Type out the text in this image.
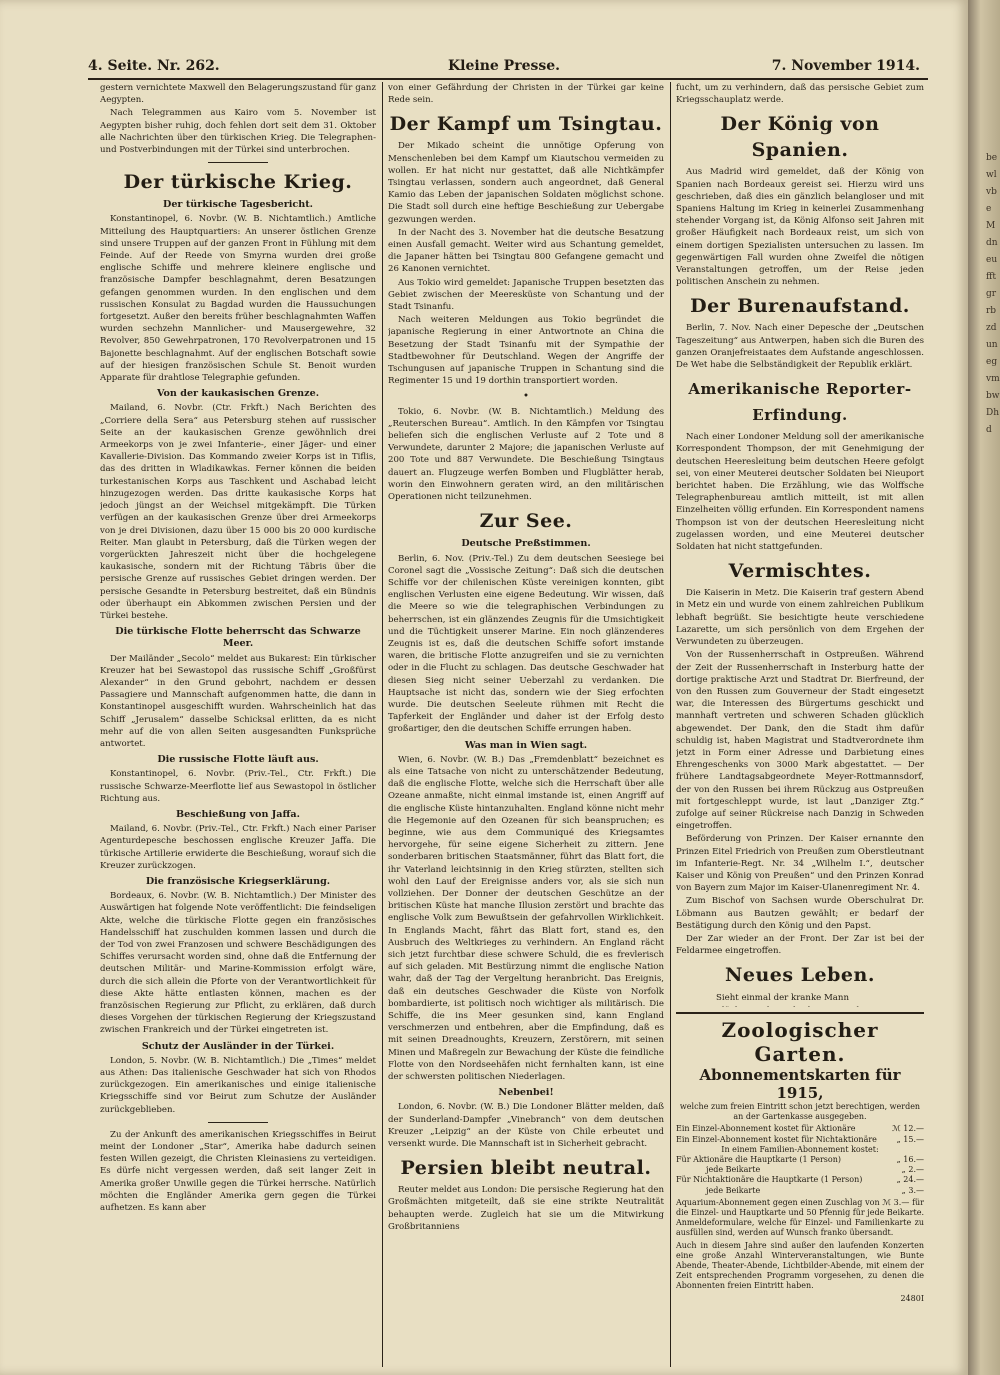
4. Seite. Nr. 262.	Kleine Presse.	7. November 1914.

gestern vernichtete Maxwell den Belagerungszustand für ganz Aegypten.

Nach Telegrammen aus Kairo vom 5. November ist Aegypten bisher ruhig, doch fehlen dort seit dem 31. Oktober alle Nachrichten über den türkischen Krieg. Die Telegraphen- und Postverbindungen mit der Türkei sind unterbrochen.

Der türkische Krieg.
Der türkische Tagesbericht.

Konstantinopel, 6. Novbr. (W. B. Nichtamtlich.) Amtliche Mitteilung des Hauptquartiers: An unserer östlichen Grenze sind unsere Truppen auf der ganzen Front in Fühlung mit dem Feinde. Auf der Reede von Smyrna wurden drei große englische Schiffe und mehrere kleinere englische und französische Dampfer beschlagnahmt, deren Besatzungen gefangen genommen wurden. In den englischen und dem russischen Konsulat zu Bagdad wurden die Haussuchungen fortgesetzt. Außer den bereits früher beschlagnahmten Waffen wurden sechzehn Mannlicher- und Mausergewehre, 32 Revolver, 850 Gewehrpatronen, 170 Revolverpatronen und 15 Bajonette beschlagnahmt. Auf der englischen Botschaft sowie auf der hiesigen französischen Schule St. Benoit wurden Apparate für drahtlose Telegraphie gefunden.

Von der kaukasischen Grenze.

Mailand, 6. Novbr. (Ctr. Frkft.) Nach Berichten des „Corriere della Sera“ aus Petersburg stehen auf russischer Seite an der kaukasischen Grenze gewöhnlich drei Armeekorps von je zwei Infanterie-, einer Jäger- und einer Kavallerie-Division. Das Kommando zweier Korps ist in Tiflis, das des dritten in Wladikawkas. Ferner können die beiden turkestanischen Korps aus Taschkent und Aschabad leicht hinzugezogen werden. Das dritte kaukasische Korps hat jedoch jüngst an der Weichsel mitgekämpft. Die Türken verfügen an der kaukasischen Grenze über drei Armeekorps von je drei Divisionen, dazu über 15 000 bis 20 000 kurdische Reiter. Man glaubt in Petersburg, daß die Türken wegen der vorgerückten Jahreszeit nicht über die hochgelegene kaukasische, sondern mit der Richtung Täbris über die persische Grenze auf russisches Gebiet dringen werden. Der persische Gesandte in Petersburg bestreitet, daß ein Bündnis oder überhaupt ein Abkommen zwischen Persien und der Türkei bestehe.

Die türkische Flotte beherrscht das Schwarze Meer.

Der Mailänder „Secolo“ meldet aus Bukarest: Ein türkischer Kreuzer hat bei Sewastopol das russische Schiff „Großfürst Alexander“ in den Grund gebohrt, nachdem er dessen Passagiere und Mannschaft aufgenommen hatte, die dann in Konstantinopel ausgeschifft wurden. Wahrscheinlich hat das Schiff „Jerusalem“ dasselbe Schicksal erlitten, da es nicht mehr auf die von allen Seiten ausgesandten Funksprüche antwortet.

Die russische Flotte läuft aus.

Konstantinopel, 6. Novbr. (Priv.-Tel., Ctr. Frkft.) Die russische Schwarze-Meerflotte lief aus Sewastopol in östlicher Richtung aus.

Beschießung von Jaffa.

Mailand, 6. Novbr. (Priv.-Tel., Ctr. Frkft.) Nach einer Pariser Agenturdepesche beschossen englische Kreuzer Jaffa. Die türkische Artillerie erwiderte die Beschießung, worauf sich die Kreuzer zurückzogen.

Die französische Kriegserklärung.

Bordeaux, 6. Novbr. (W. B. Nichtamtlich.) Der Minister des Auswärtigen hat folgende Note veröffentlicht: Die feindseligen Akte, welche die türkische Flotte gegen ein französisches Handelsschiff hat zuschulden kommen lassen und durch die der Tod von zwei Franzosen und schwere Beschädigungen des Schiffes verursacht worden sind, ohne daß die Entfernung der deutschen Militär- und Marine-Kommission erfolgt wäre, durch die sich allein die Pforte von der Verantwortlichkeit für diese Akte hätte entlasten können, machen es der französischen Regierung zur Pflicht, zu erklären, daß durch dieses Vorgehen der türkischen Regierung der Kriegszustand zwischen Frankreich und der Türkei eingetreten ist.

Schutz der Ausländer in der Türkei.

London, 5. Novbr. (W. B. Nichtamtlich.) Die „Times“ meldet aus Athen: Das italienische Geschwader hat sich von Rhodos zurückgezogen. Ein amerikanisches und einige italienische Kriegsschiffe sind vor Beirut zum Schutze der Ausländer zurückgeblieben.

Zu der Ankunft des amerikanischen Kriegsschiffes in Beirut meint der Londoner „Star“, Amerika habe dadurch seinen festen Willen gezeigt, die Christen Kleinasiens zu verteidigen. Es dürfe nicht vergessen werden, daß seit langer Zeit in Amerika großer Unwille gegen die Türkei herrsche. Natürlich möchten die Engländer Amerika gern gegen die Türkei aufhetzen. Es kann aber

von einer Gefährdung der Christen in der Türkei gar keine Rede sein.

Der Kampf um Tsingtau.

Der Mikado scheint die unnötige Opferung von Menschenleben bei dem Kampf um Kiautschou vermeiden zu wollen. Er hat nicht nur gestattet, daß alle Nichtkämpfer Tsingtau verlassen, sondern auch angeordnet, daß General Kamio das Leben der japanischen Soldaten möglichst schone. Die Stadt soll durch eine heftige Beschießung zur Uebergabe gezwungen werden.

In der Nacht des 3. November hat die deutsche Besatzung einen Ausfall gemacht. Weiter wird aus Schantung gemeldet, die Japaner hätten bei Tsingtau 800 Gefangene gemacht und 26 Kanonen vernichtet.

Aus Tokio wird gemeldet: Japanische Truppen besetzten das Gebiet zwischen der Meeresküste von Schantung und der Stadt Tsinanfu.

Nach weiteren Meldungen aus Tokio begründet die japanische Regierung in einer Antwortnote an China die Besetzung der Stadt Tsinanfu mit der Sympathie der Stadtbewohner für Deutschland. Wegen der Angriffe der Tschungusen auf japanische Truppen in Schantung sind die Regimenter 15 und 19 dorthin transportiert worden.

•

Tokio, 6. Novbr. (W. B. Nichtamtlich.) Meldung des „Reuterschen Bureau“. Amtlich. In den Kämpfen vor Tsingtau beliefen sich die englischen Verluste auf 2 Tote und 8 Verwundete, darunter 2 Majore; die japanischen Verluste auf 200 Tote und 887 Verwundete. Die Beschießung Tsingtaus dauert an. Flugzeuge werfen Bomben und Flugblätter herab, worin den Einwohnern geraten wird, an den militärischen Operationen nicht teilzunehmen.

Zur See.
Deutsche Preßstimmen.

Berlin, 6. Nov. (Priv.-Tel.) Zu dem deutschen Seesiege bei Coronel sagt die „Vossische Zeitung“: Daß sich die deutschen Schiffe vor der chilenischen Küste vereinigen konnten, gibt englischen Verlusten eine eigene Bedeutung. Wir wissen, daß die Meere so wie die telegraphischen Verbindungen zu beherrschen, ist ein glänzendes Zeugnis für die Umsichtigkeit und die Tüchtigkeit unserer Marine. Ein noch glänzenderes Zeugnis ist es, daß die deutschen Schiffe sofort imstande waren, die britische Flotte anzugreifen und sie zu vernichten oder in die Flucht zu schlagen. Das deutsche Geschwader hat diesen Sieg nicht seiner Ueberzahl zu verdanken. Die Hauptsache ist nicht das, sondern wie der Sieg erfochten wurde. Die deutschen Seeleute rühmen mit Recht die Tapferkeit der Engländer und daher ist der Erfolg desto großartiger, den die deutschen Schiffe errungen haben.

Was man in Wien sagt.

Wien, 6. Novbr. (W. B.) Das „Fremdenblatt“ bezeichnet es als eine Tatsache von nicht zu unterschätzender Bedeutung, daß die englische Flotte, welche sich die Herrschaft über alle Ozeane anmaßte, nicht einmal imstande ist, einen Angriff auf die englische Küste hintanzuhalten. England könne nicht mehr die Hegemonie auf den Ozeanen für sich beanspruchen; es beginne, wie aus dem Communiqué des Kriegsamtes hervorgehe, für seine eigene Sicherheit zu zittern. Jene sonderbaren britischen Staatsmänner, führt das Blatt fort, die ihr Vaterland leichtsinnig in den Krieg stürzten, stellten sich wohl den Lauf der Ereignisse anders vor, als sie sich nun vollziehen. Der Donner der deutschen Geschütze an der britischen Küste hat manche Illusion zerstört und brachte das englische Volk zum Bewußtsein der gefahrvollen Wirklichkeit. In Englands Macht, fährt das Blatt fort, stand es, den Ausbruch des Weltkrieges zu verhindern. An England rächt sich jetzt furchtbar diese schwere Schuld, die es frevlerisch auf sich geladen. Mit Bestürzung nimmt die englische Nation wahr, daß der Tag der Vergeltung heranbricht. Das Ereignis, daß ein deutsches Geschwader die Küste von Norfolk bombardierte, ist politisch noch wichtiger als militärisch. Die Schiffe, die ins Meer gesunken sind, kann England verschmerzen und entbehren, aber die Empfindung, daß es mit seinen Dreadnoughts, Kreuzern, Zerstörern, mit seinen Minen und Maßregeln zur Bewachung der Küste die feindliche Flotte von den Nordseehäfen nicht fernhalten kann, ist eine der schwersten politischen Niederlagen.

Nebenbei!

London, 6. Novbr. (W. B.) Die Londoner Blätter melden, daß der Sunderland-Dampfer „Vinebranch“ von dem deutschen Kreuzer „Leipzig“ an der Küste von Chile erbeutet und versenkt wurde. Die Mannschaft ist in Sicherheit gebracht.

Persien bleibt neutral.

Reuter meldet aus London: Die persische Regierung hat den Großmächten mitgeteilt, daß sie eine strikte Neutralität behaupten werde. Zugleich hat sie um die Mitwirkung Großbritanniens

fucht, um zu verhindern, daß das persische Gebiet zum Kriegsschauplatz werde.

Der König von Spanien.

Aus Madrid wird gemeldet, daß der König von Spanien nach Bordeaux gereist sei. Hierzu wird uns geschrieben, daß dies ein gänzlich belangloser und mit Spaniens Haltung im Krieg in keinerlei Zusammenhang stehender Vorgang ist, da König Alfonso seit Jahren mit großer Häufigkeit nach Bordeaux reist, um sich von einem dortigen Spezialisten untersuchen zu lassen. Im gegenwärtigen Fall wurden ohne Zweifel die nötigen Veranstaltungen getroffen, um der Reise jeden politischen Anschein zu nehmen.

Der Burenaufstand.

Berlin, 7. Nov. Nach einer Depesche der „Deutschen Tageszeitung“ aus Antwerpen, haben sich die Buren des ganzen Oranjefreistaates dem Aufstande angeschlossen. De Wet habe die Selbständigkeit der Republik erklärt.

Amerikanische Reporter-Erfindung.

Nach einer Londoner Meldung soll der amerikanische Korrespondent Thompson, der mit Genehmigung der deutschen Heeresleitung beim deutschen Heere gefolgt sei, von einer Meuterei deutscher Soldaten bei Nieuport berichtet haben. Die Erzählung, wie das Wolffsche Telegraphenbureau amtlich mitteilt, ist mit allen Einzelheiten völlig erfunden. Ein Korrespondent namens Thompson ist von der deutschen Heeresleitung nicht zugelassen worden, und eine Meuterei deutscher Soldaten hat nicht stattgefunden.

Vermischtes.

Die Kaiserin in Metz. Die Kaiserin traf gestern Abend in Metz ein und wurde von einem zahlreichen Publikum lebhaft begrüßt. Sie besichtigte heute verschiedene Lazarette, um sich persönlich von dem Ergehen der Verwundeten zu überzeugen.

Von der Russenherrschaft in Ostpreußen. Während der Zeit der Russenherrschaft in Insterburg hatte der dortige praktische Arzt und Stadtrat Dr. Bierfreund, der von den Russen zum Gouverneur der Stadt eingesetzt war, die Interessen des Bürgertums geschickt und mannhaft vertreten und schweren Schaden glücklich abgewendet. Der Dank, den die Stadt ihm dafür schuldig ist, haben Magistrat und Stadtverordnete ihm jetzt in Form einer Adresse und Darbietung eines Ehrengeschenks von 3000 Mark abgestattet. — Der frühere Landtagsabgeordnete Meyer-Rottmannsdorf, der von den Russen bei ihrem Rückzug aus Ostpreußen mit fortgeschleppt wurde, ist laut „Danziger Ztg.“ zufolge auf seiner Rückreise nach Danzig in Schweden eingetroffen.

Beförderung von Prinzen. Der Kaiser ernannte den Prinzen Eitel Friedrich von Preußen zum Oberstleutnant im Infanterie-Regt. Nr. 34 „Wilhelm I.“, deutscher Kaiser und König von Preußen“ und den Prinzen Konrad von Bayern zum Major im Kaiser-Ulanenregiment Nr. 4.

Zum Bischof von Sachsen wurde Oberschulrat Dr. Löbmann aus Bautzen gewählt; er bedarf der Bestätigung durch den König und den Papst.

Der Zar wieder an der Front. Der Zar ist bei der Feldarmee eingetroffen.

Neues Leben.
Sieht einmal der kranke Mann
Zoologischer Garten.
Abonnementskarten für 1915,
welche zum freien Eintritt schon jetzt berechtigen, werden an der Gartenkasse ausgegeben.
Ein Einzel-Abonnement kostet für Aktionäre	ℳ 12.—
Ein Einzel-Abonnement kostet für Nichtaktionäre	„ 15.—
In einem Familien-Abonnement kostet:
Für Aktionäre die Hauptkarte (1 Person)	„ 16.—
jede Beikarte	„ 2.—
Für Nichtaktionäre die Hauptkarte (1 Person)	„ 24.—
jede Beikarte	„ 3.—
Aquarium-Abonnement gegen einen Zuschlag von ℳ 3.— für die Einzel- und Hauptkarte und 50 Pfennig für jede Beikarte. Anmeldeformulare, welche für Einzel- und Familienkarte zu ausfüllen sind, werden auf Wunsch franko übersandt.
Auch in diesem Jahre sind außer den laufenden Konzerten eine große Anzahl Winterveranstaltungen, wie Bunte Abende, Theater-Abende, Lichtbilder-Abende, mit einem der Zeit entsprechenden Programm vorgesehen, zu denen die Abonnenten freien Eintritt haben.
2480I
bewlvbeMdneufftgrrbzdunegvmbwDhd
